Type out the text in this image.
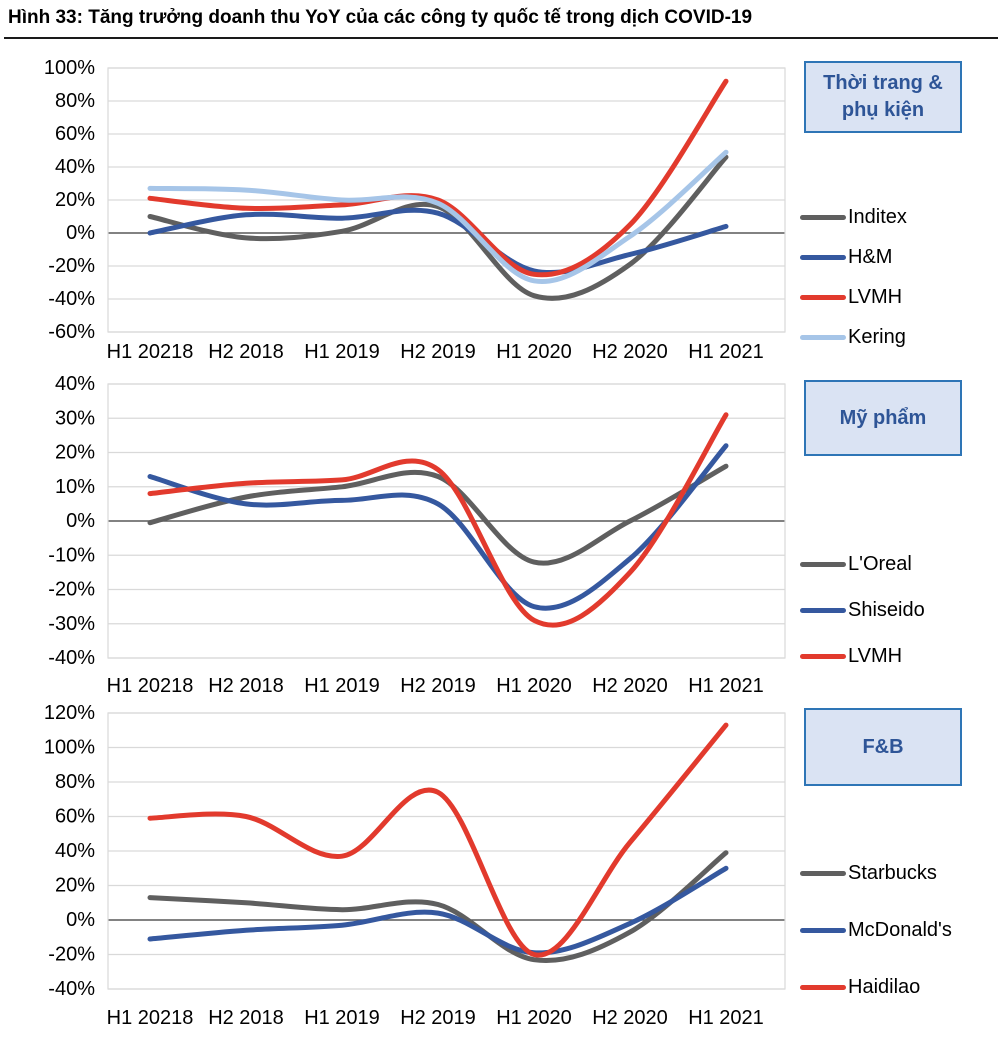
Hình 33: Tăng trưởng doanh thu YoY của các công ty quốc tế trong dịch COVID-19
100%
80%
60%
40%
20%
0%
-20%
-40%
-60%
H1 20218 H2 2018 H1 2019 H2 2019 H1 2020 H2 2020 H1 2021
Thời trang & phụ kiện
Inditex
H&M
LVMH
Kering
40%
30%
20%
10%
0%
-10%
-20%
-30%
-40%
H1 20218 H2 2018 H1 2019 H2 2019 H1 2020 H2 2020 H1 2021
Mỹ phẩm
L'Oreal
Shiseido
LVMH
120%
100%
80%
60%
40%
20%
0%
-20%
-40%
H1 20218 H2 2018 H1 2019 H2 2019 H1 2020 H2 2020 H1 2021
F&B
Starbucks
McDonald's
Haidilao
